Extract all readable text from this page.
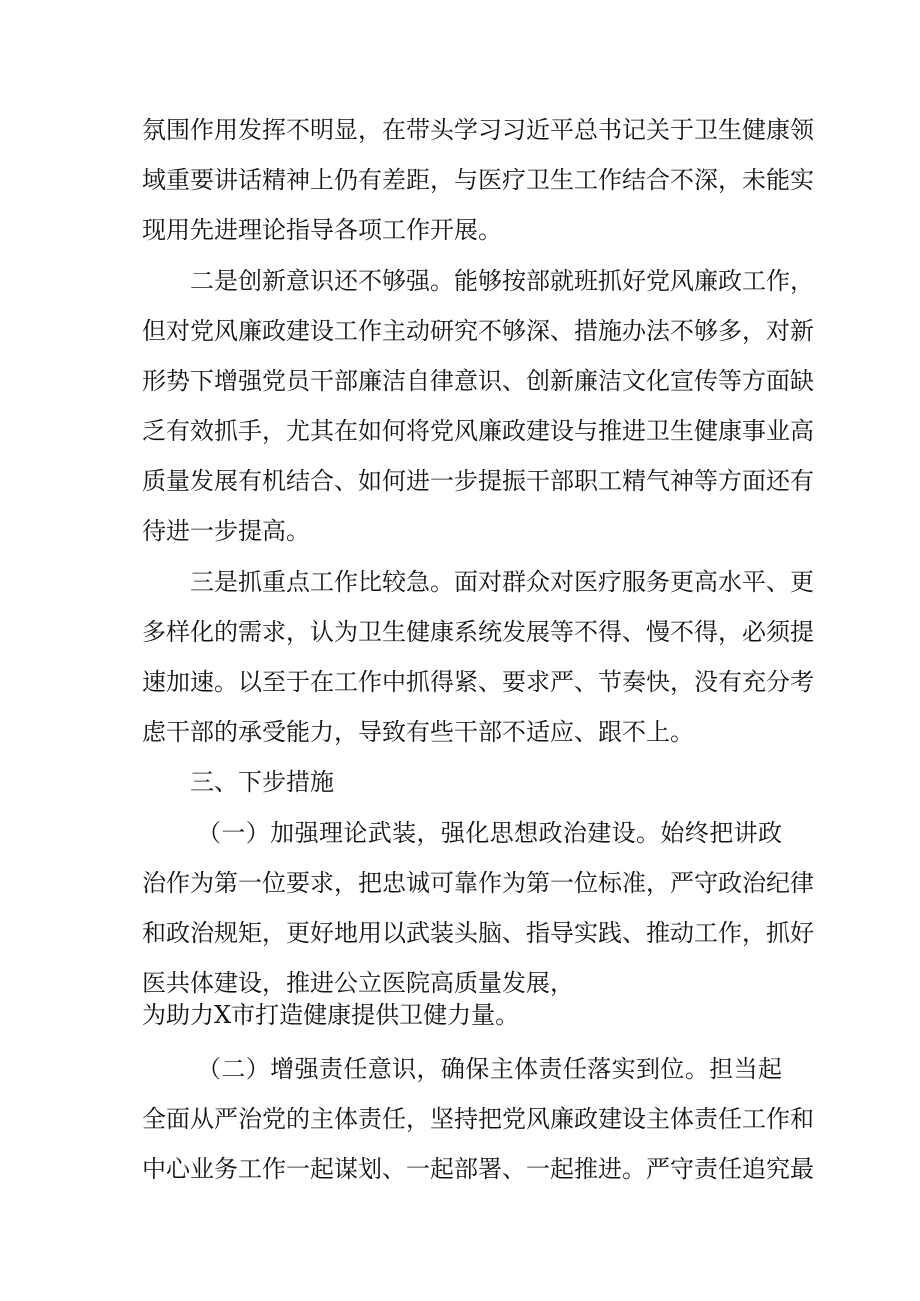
氛 围 作 用 发 挥 不 明 显 ， 在 带 头 学 习 习 近 平 总 书 记 关 于 卫 生 健 康 领
域 重 要 讲 话 精 神 上 仍 有 差 距 ， 与 医 疗 卫 生 工 作 结 合 不 深 ， 未 能 实
现用先进理论指导各项工作开展。
二 是 创 新 意 识 还 不 够 强 。 能 够 按 部 就 班 抓 好 党 风 廉 政 工 作 ，
但 对 党 风 廉 政 建 设 工 作 主 动 研 究 不 够 深 、 措 施 办 法 不 够 多 ， 对 新
形 势 下 增 强 党 员 干 部 廉 洁 自 律 意 识 、 创 新 廉 洁 文 化 宣 传 等 方 面 缺
乏 有 效 抓 手 ， 尤 其 在 如 何 将 党 风 廉 政 建 设 与 推 进 卫 生 健 康 事 业 高
质 量 发 展 有 机 结 合 、 如 何 进 一 步 提 振 干 部 职 工 精 气 神 等 方 面 还 有
待进一步提高。
三 是 抓 重 点 工 作 比 较 急 。 面 对 群 众 对 医 疗 服 务 更 高 水 平 、 更
多 样 化 的 需 求 ， 认 为 卫 生 健 康 系 统 发 展 等 不 得 、 慢 不 得 ， 必 须 提
速 加 速 。 以 至 于 在 工 作 中 抓 得 紧 、 要 求 严 、 节 奏 快 ， 没 有 充 分 考
虑干部的承受能力，导致有些干部不适应、跟不上。
三、下步措施
（ 一 ） 加 强 理 论 武 装 ， 强 化 思 想 政 治 建 设 。 始 终 把 讲 政
治 作 为 第 一 位 要 求 ， 把 忠 诚 可 靠 作 为 第 一 位 标 准 ， 严 守 政 治 纪 律
和 政 治 规 矩 ， 更 好 地 用 以 武 装 头 脑 、 指 导 实 践 、 推 动 工 作 ， 抓 好
医共体建设，推进公立医院高质量发展，
为助力X市打造健康提供卫健力量。
（ 二 ） 增 强 责 任 意 识 ， 确 保 主 体 责 任 落 实 到 位 。 担 当 起
全 面 从 严 治 党 的 主 体 责 任 ， 坚 持 把 党 风 廉 政 建 设 主 体 责 任 工 作 和
中 心 业 务 工 作 一 起 谋 划 、 一 起 部 署 、 一 起 推 进 。 严 守 责 任 追 究 最
